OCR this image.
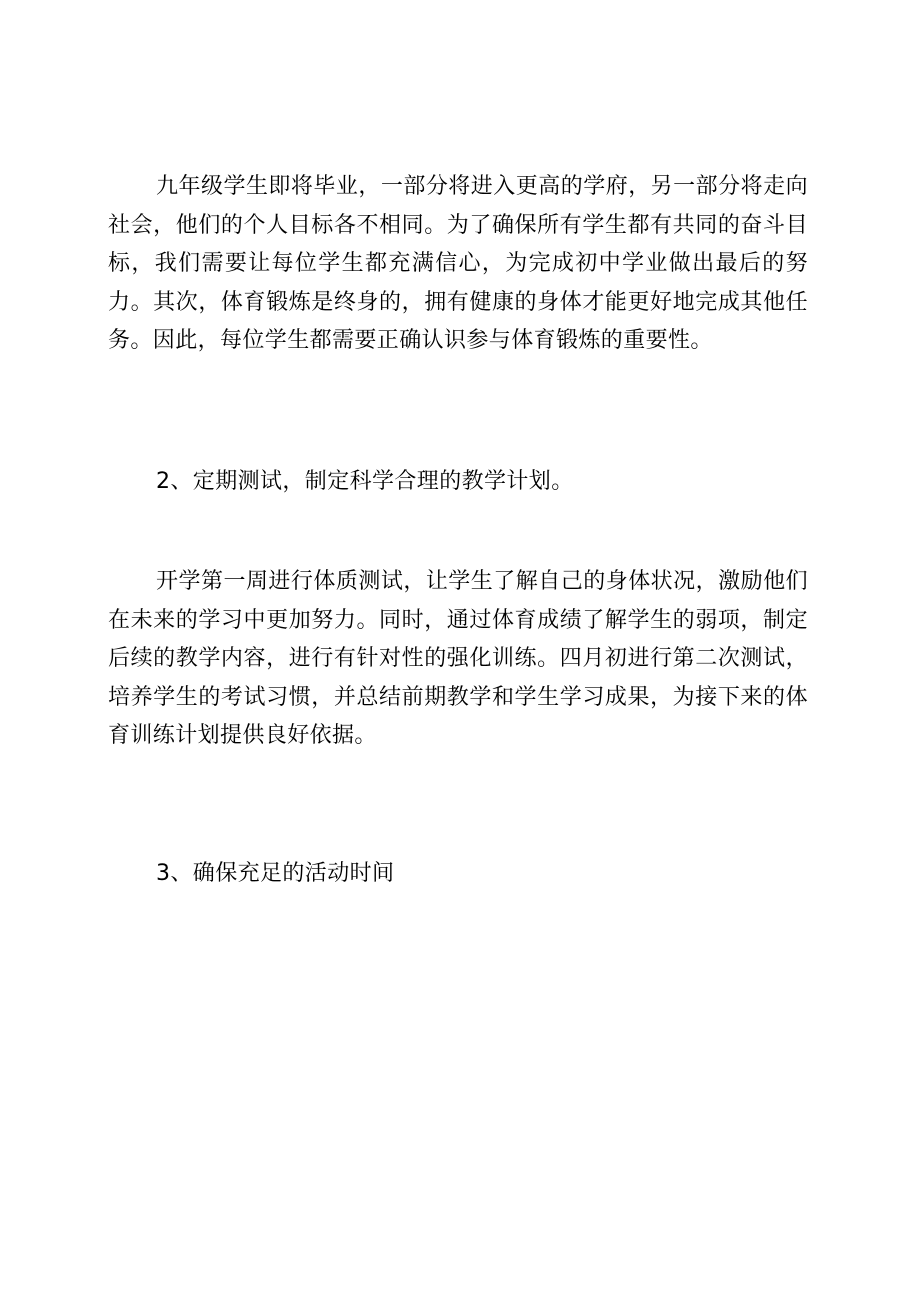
九年级学生即将毕业，一部分将进入更高的学府，另一部分将走向社会，他们的个人目标各不相同。为了确保所有学生都有共同的奋斗目标，我们需要让每位学生都充满信心，为完成初中学业做出最后的努力。其次，体育锻炼是终身的，拥有健康的身体才能更好地完成其他任务。因此，每位学生都需要正确认识参与体育锻炼的重要性。

2、定期测试，制定科学合理的教学计划。

开学第一周进行体质测试，让学生了解自己的身体状况，激励他们在未来的学习中更加努力。同时，通过体育成绩了解学生的弱项，制定后续的教学内容，进行有针对性的强化训练。四月初进行第二次测试，培养学生的考试习惯，并总结前期教学和学生学习成果，为接下来的体育训练计划提供良好依据。

3、确保充足的活动时间
